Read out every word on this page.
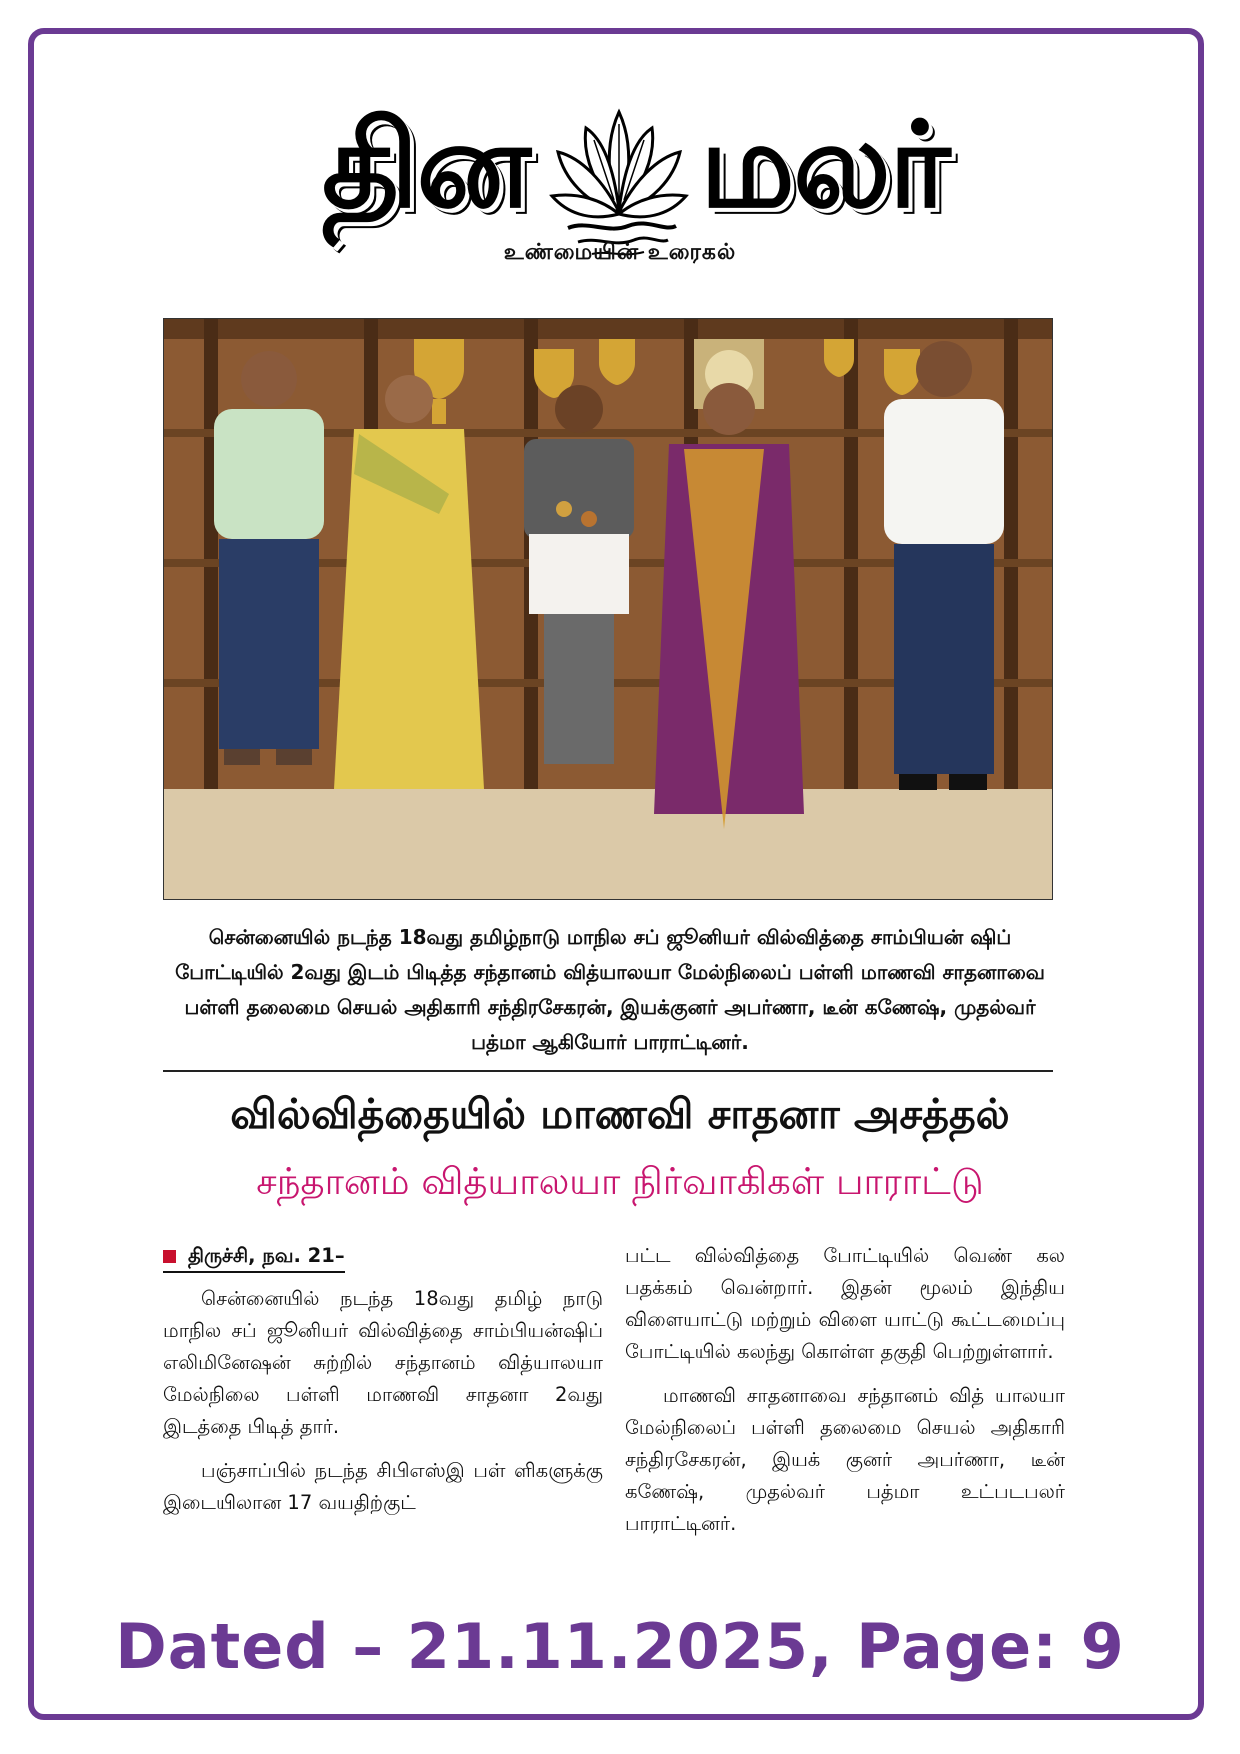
தின மலர்
உண்மையின் உரைகல்
சென்னையில் நடந்த 18வது தமிழ்நாடு மாநில சப் ஜூனியர் வில்வித்தை சாம்பியன் ஷிப் போட்டியில் 2வது இடம் பிடித்த சந்தானம் வித்யாலயா மேல்நிலைப் பள்ளி மாணவி சாதனாவை பள்ளி தலைமை செயல் அதிகாரி சந்திரசேகரன், இயக்குனர் அபர்ணா, டீன் கணேஷ், முதல்வர் பத்மா ஆகியோர் பாராட்டினர்.
வில்வித்தையில் மாணவி சாதனா அசத்தல்
சந்தானம் வித்யாலயா நிர்வாகிகள் பாராட்டு
திருச்சி, நவ. 21–

சென்னையில் நடந்த 18வது தமிழ் நாடு மாநில சப் ஜூனியர் வில்வித்தை சாம்பியன்ஷிப் எலிமினேஷன் சுற்றில் சந்தானம் வித்யாலயா மேல்நிலை பள்ளி மாணவி சாதனா 2வது இடத்தை பிடித் தார்.

பஞ்சாப்பில் நடந்த சிபிஎஸ்இ பள் ளிகளுக்கு இடையிலான 17 வயதிற்குட்

பட்ட வில்வித்தை போட்டியில் வெண் கல பதக்கம் வென்றார். இதன் மூலம் இந்திய விளையாட்டு மற்றும் விளை யாட்டு கூட்டமைப்பு போட்டியில் கலந்து கொள்ள தகுதி பெற்றுள்ளார்.

மாணவி சாதனாவை சந்தானம் வித் யாலயா மேல்நிலைப் பள்ளி தலைமை செயல் அதிகாரி சந்திரசேகரன், இயக் குனர் அபர்ணா, டீன் கணேஷ், முதல்வர் பத்மா உட்படபலர் பாராட்டினர்.

Dated – 21.11.2025, Page: 9
